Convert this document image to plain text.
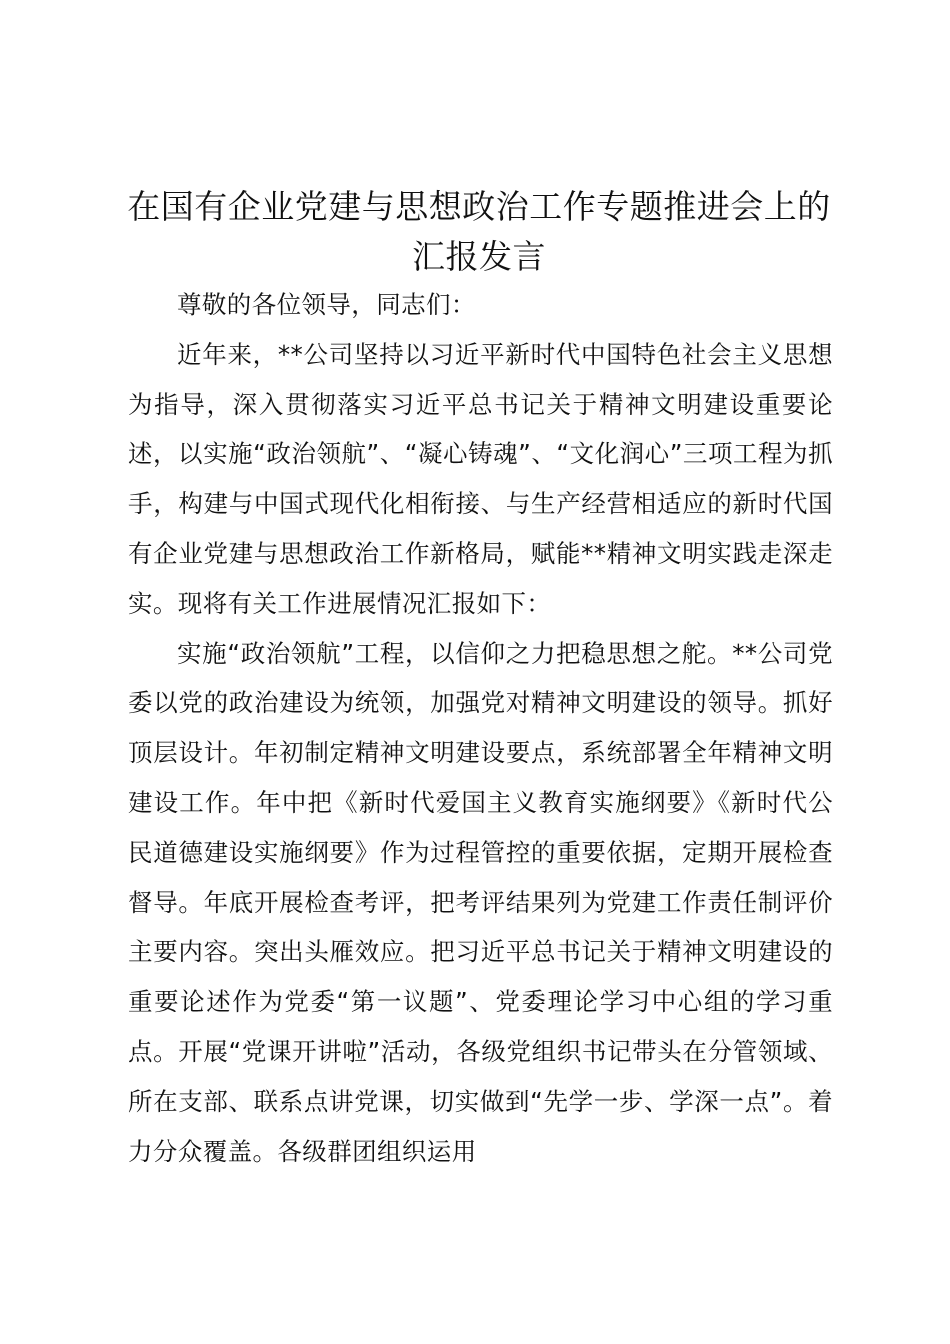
在国有企业党建与思想政治工作专题推进会上的汇报发言

尊敬的各位领导，同志们：

近年来，**公司坚持以习近平新时代中国特色社会主义思想为指导，深入贯彻落实习近平总书记关于精神文明建设重要论述，以实施“政治领航”、“凝心铸魂”、“文化润心”三项工程为抓手，构建与中国式现代化相衔接、与生产经营相适应的新时代国有企业党建与思想政治工作新格局，赋能**精神文明实践走深走实。现将有关工作进展情况汇报如下：

实施“政治领航”工程，以信仰之力把稳思想之舵。**公司党委以党的政治建设为统领，加强党对精神文明建设的领导。抓好顶层设计。年初制定精神文明建设要点，系统部署全年精神文明建设工作。年中把《新时代爱国主义教育实施纲要》《新时代公民道德建设实施纲要》作为过程管控的重要依据，定期开展检查督导。年底开展检查考评，把考评结果列为党建工作责任制评价主要内容。突出头雁效应。把习近平总书记关于精神文明建设的重要论述作为党委“第一议题”、党委理论学习中心组的学习重点。开展“党课开讲啦”活动，各级党组织书记带头在分管领域、所在支部、联系点讲党课，切实做到“先学一步、学深一点”。着力分众覆盖。各级群团组织运用
